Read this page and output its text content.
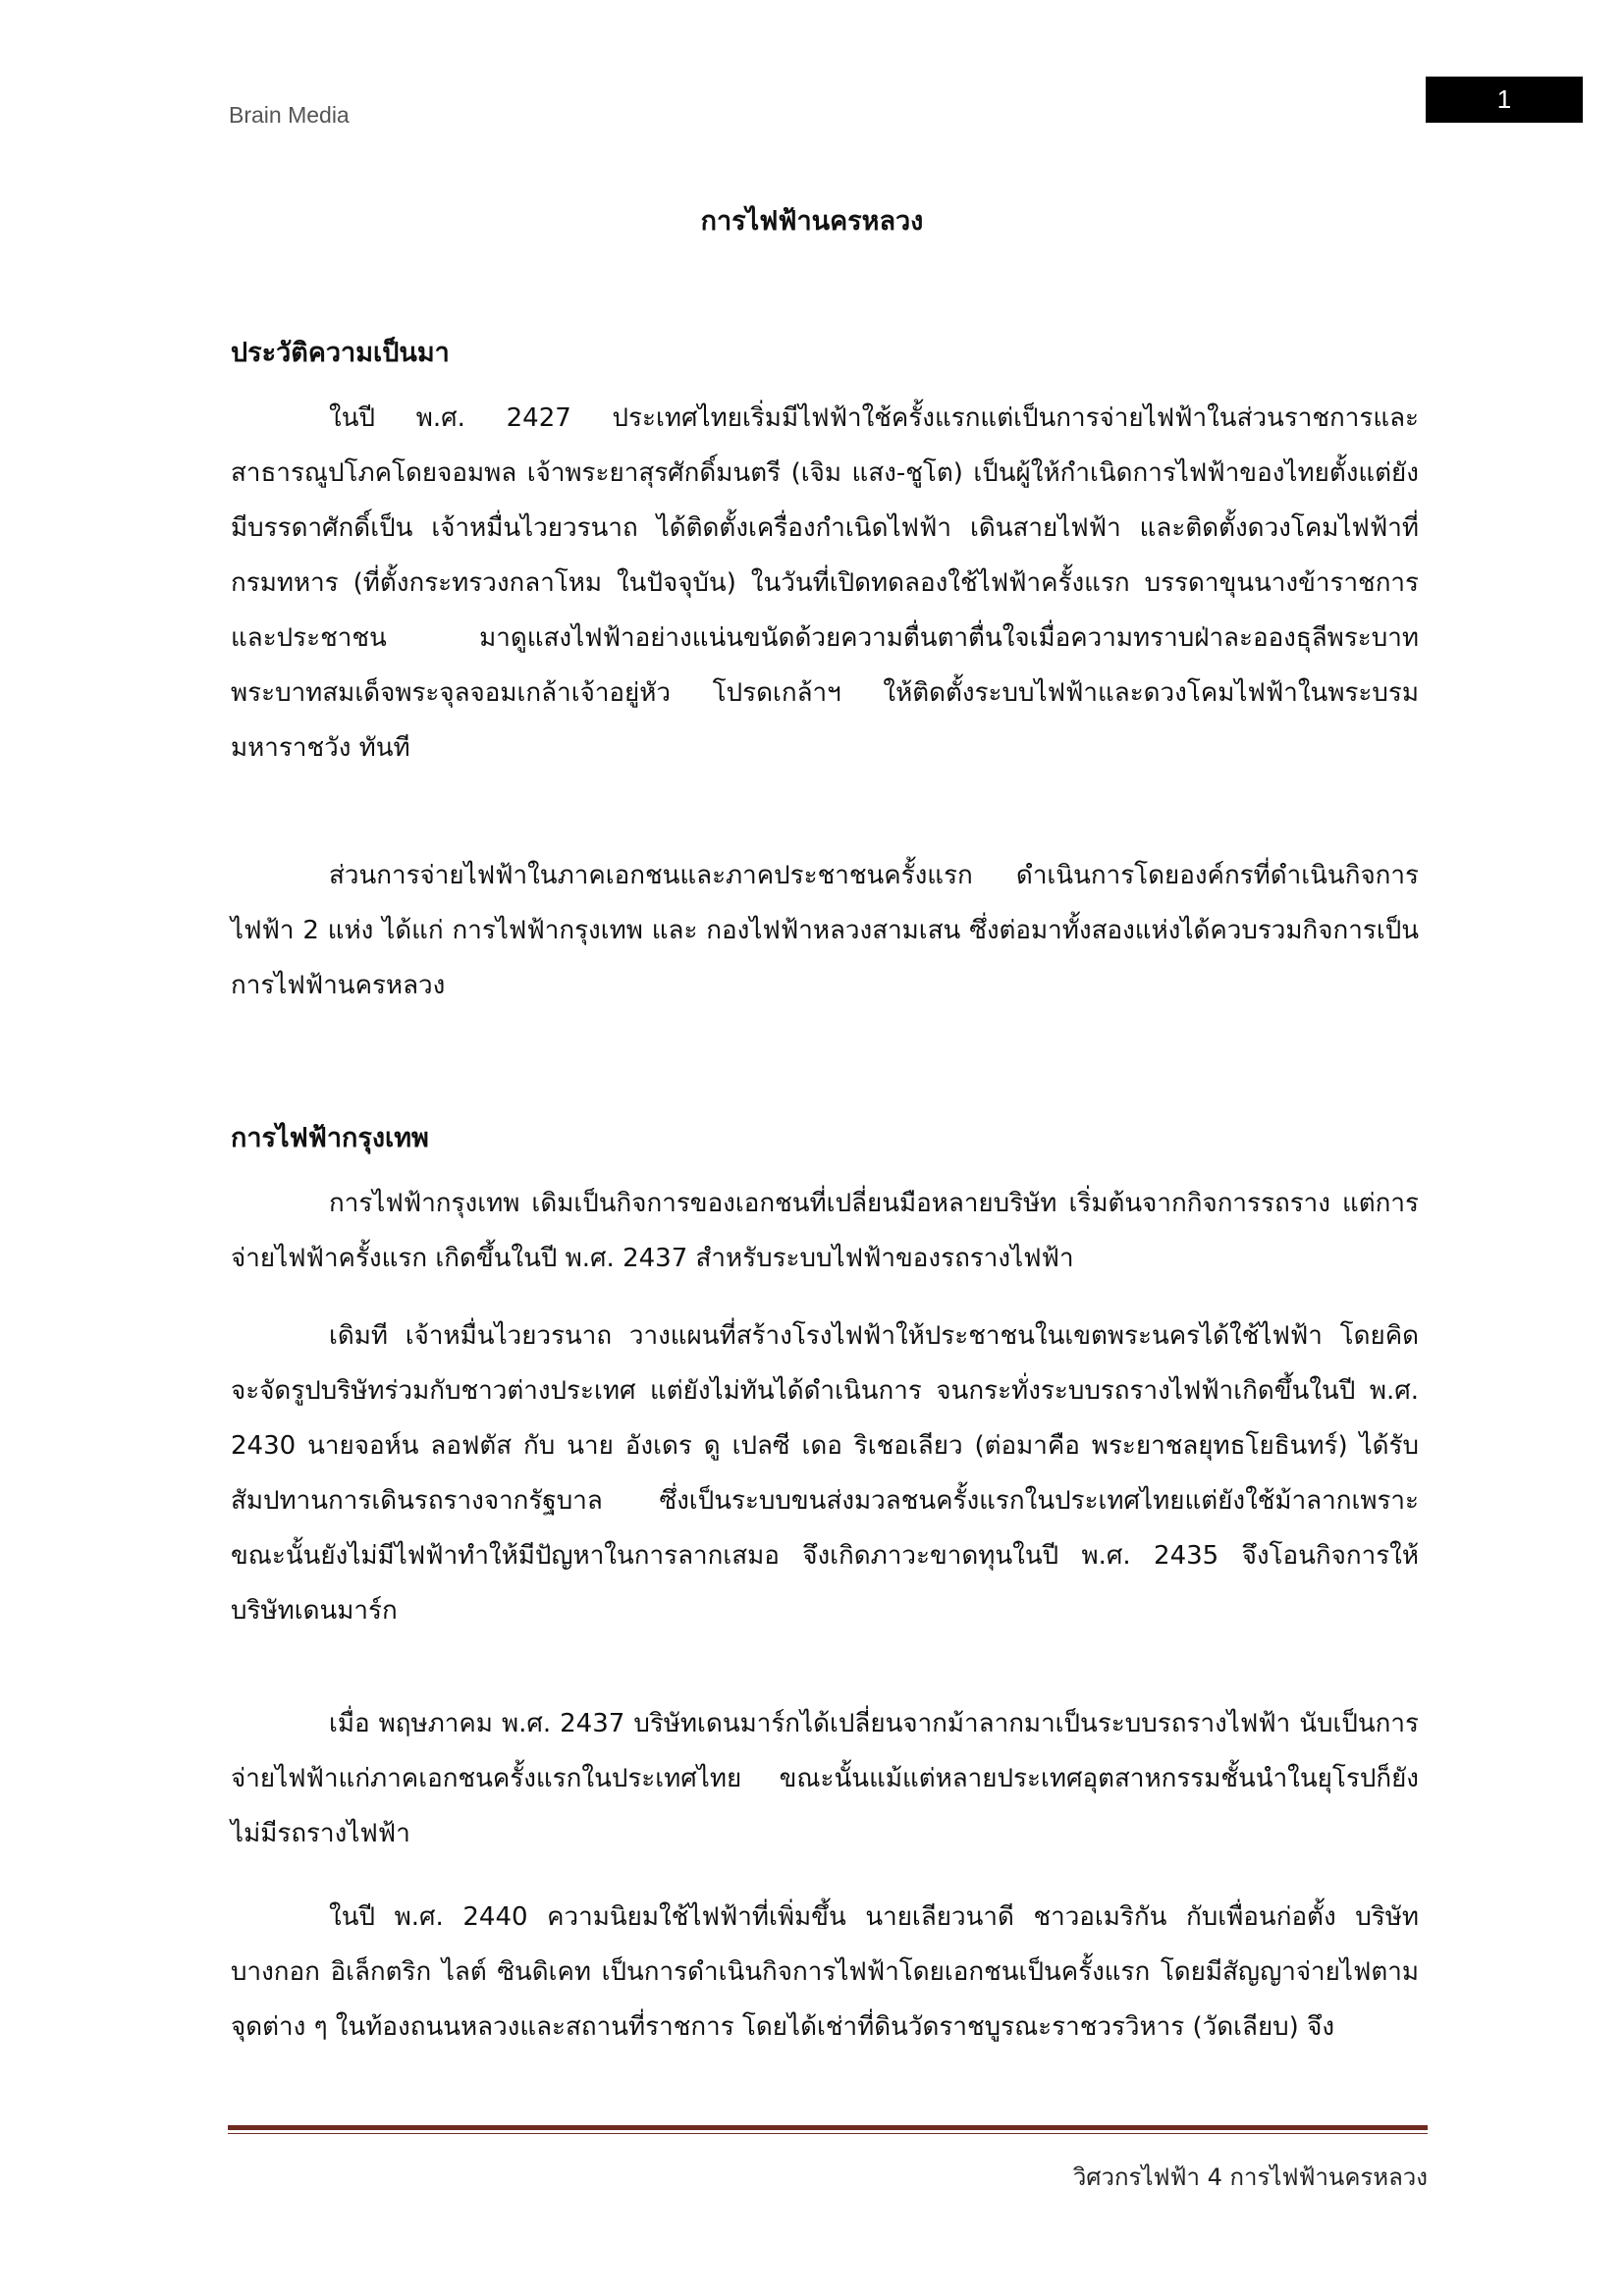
Brain Media
1
การไฟฟ้านครหลวง
ประวัติความเป็นมา

ในปี พ.ศ. 2427 ประเทศไทยเริ่มมีไฟฟ้าใช้ครั้งแรกแต่เป็นการจ่ายไฟฟ้าในส่วนราชการและสาธารณูปโภคโดยจอมพล เจ้าพระยาสุรศักดิ์มนตรี (เจิม แสง-ชูโต) เป็นผู้ให้กำเนิดการไฟฟ้าของไทยตั้งแต่ยังมีบรรดาศักดิ์เป็น เจ้าหมื่นไวยวรนาถ ได้ติดตั้งเครื่องกำเนิดไฟฟ้า เดินสายไฟฟ้า และติดตั้งดวงโคมไฟฟ้าที่ กรมทหาร (ที่ตั้งกระทรวงกลาโหม ในปัจจุบัน) ในวันที่เปิดทดลองใช้ไฟฟ้าครั้งแรก บรรดาขุนนางข้าราชการ และประชาชน มาดูแสงไฟฟ้าอย่างแน่นขนัดด้วยความตื่นตาตื่นใจเมื่อความทราบฝ่าละอองธุลีพระบาท พระบาทสมเด็จพระจุลจอมเกล้าเจ้าอยู่หัว โปรดเกล้าฯ ให้ติดตั้งระบบไฟฟ้าและดวงโคมไฟฟ้าในพระบรมมหาราชวัง ทันที

ส่วนการจ่ายไฟฟ้าในภาคเอกชนและภาคประชาชนครั้งแรก ดำเนินการโดยองค์กรที่ดำเนินกิจการไฟฟ้า 2 แห่ง ได้แก่ การไฟฟ้ากรุงเทพ และ กองไฟฟ้าหลวงสามเสน ซึ่งต่อมาทั้งสองแห่งได้ควบรวมกิจการเป็น การไฟฟ้านครหลวง

การไฟฟ้ากรุงเทพ

การไฟฟ้ากรุงเทพ เดิมเป็นกิจการของเอกชนที่เปลี่ยนมือหลายบริษัท เริ่มต้นจากกิจการรถราง แต่การจ่ายไฟฟ้าครั้งแรก เกิดขึ้นในปี พ.ศ. 2437 สำหรับระบบไฟฟ้าของรถรางไฟฟ้า

เดิมที เจ้าหมื่นไวยวรนาถ วางแผนที่สร้างโรงไฟฟ้าให้ประชาชนในเขตพระนครได้ใช้ไฟฟ้า โดยคิดจะจัดรูปบริษัทร่วมกับชาวต่างประเทศ แต่ยังไม่ทันได้ดำเนินการ จนกระทั่งระบบรถรางไฟฟ้าเกิดขึ้นในปี พ.ศ. 2430 นายจอห์น ลอฟตัส กับ นาย อังเดร ดู เปลซี เดอ ริเชอเลียว (ต่อมาคือ พระยาชลยุทธโยธินทร์) ได้รับสัมปทานการเดินรถรางจากรัฐบาล ซึ่งเป็นระบบขนส่งมวลชนครั้งแรกในประเทศไทยแต่ยังใช้ม้าลากเพราะขณะนั้นยังไม่มีไฟฟ้าทำให้มีปัญหาในการลากเสมอ จึงเกิดภาวะขาดทุนในปี พ.ศ. 2435 จึงโอนกิจการให้ บริษัทเดนมาร์ก

เมื่อ พฤษภาคม พ.ศ. 2437 บริษัทเดนมาร์กได้เปลี่ยนจากม้าลากมาเป็นระบบรถรางไฟฟ้า นับเป็นการจ่ายไฟฟ้าแก่ภาคเอกชนครั้งแรกในประเทศไทย ขณะนั้นแม้แต่หลายประเทศอุตสาหกรรมชั้นนำในยุโรปก็ยังไม่มีรถรางไฟฟ้า

ในปี พ.ศ. 2440 ความนิยมใช้ไฟฟ้าที่เพิ่มขึ้น นายเลียวนาดี ชาวอเมริกัน กับเพื่อนก่อตั้ง บริษัทบางกอก อิเล็กตริก ไลต์ ซินดิเคท เป็นการดำเนินกิจการไฟฟ้าโดยเอกชนเป็นครั้งแรก โดยมีสัญญาจ่ายไฟตามจุดต่าง ๆ ในท้องถนนหลวงและสถานที่ราชการ โดยได้เช่าที่ดินวัดราชบูรณะราชวรวิหาร (วัดเลียบ) จึง

วิศวกรไฟฟ้า 4 การไฟฟ้านครหลวง
